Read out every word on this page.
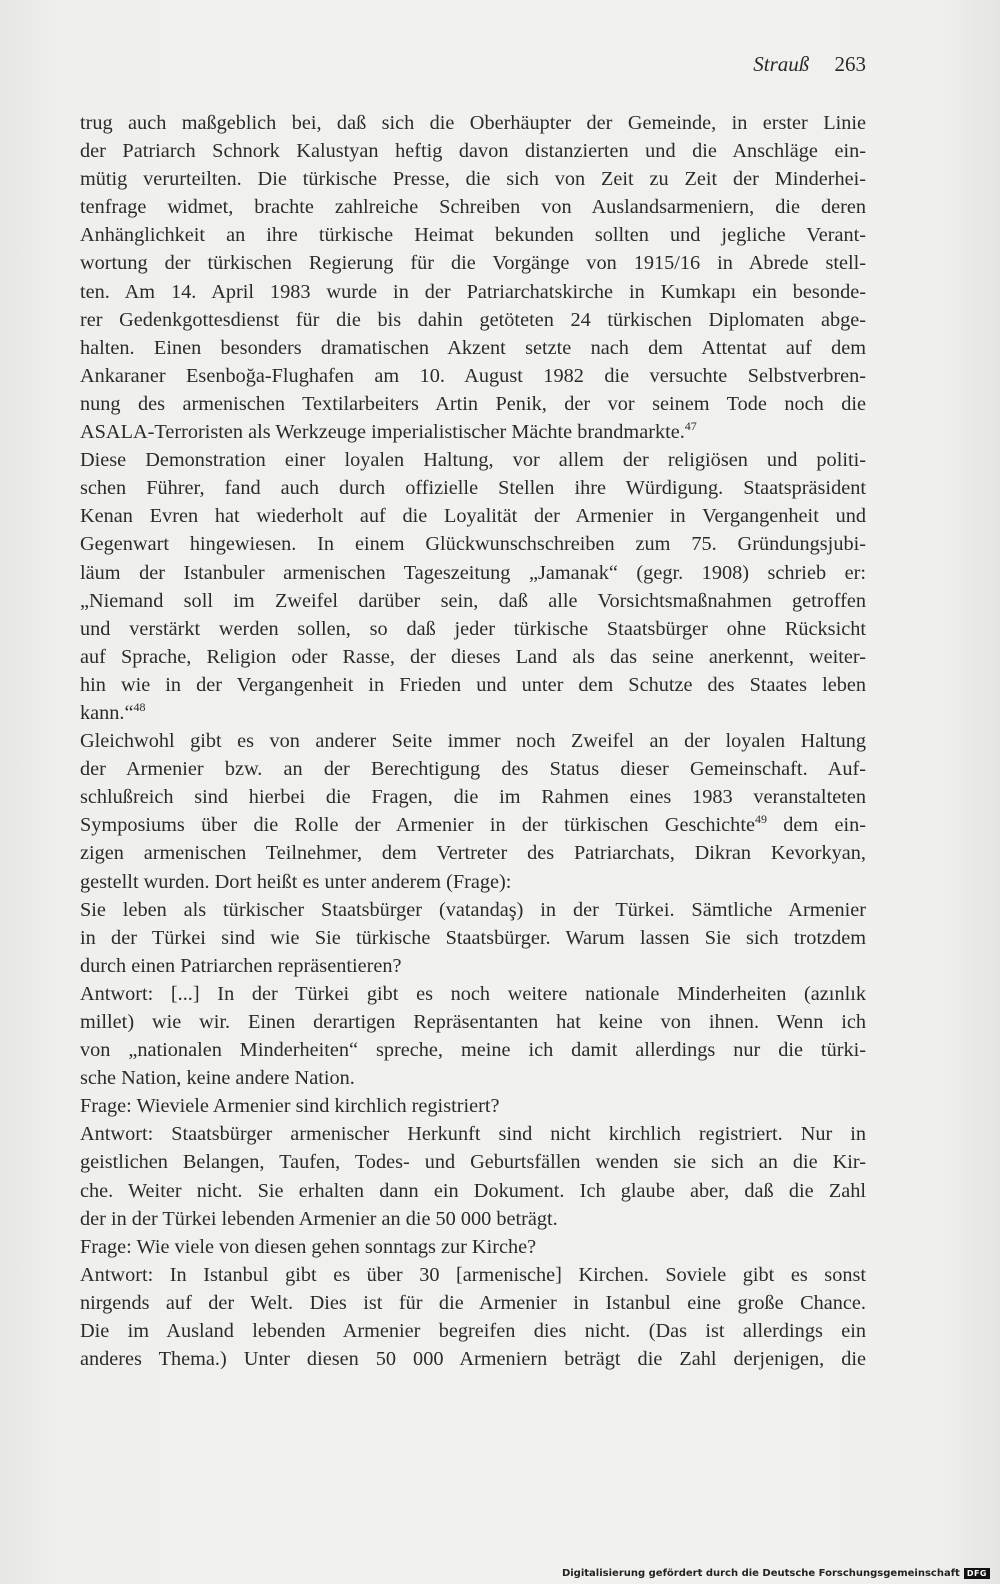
Strauß 263
trug auch maßgeblich bei, daß sich die Oberhäupter der Gemeinde, in erster Linie
der Patriarch Schnork Kalustyan heftig davon distanzierten und die Anschläge ein-
mütig verurteilten. Die türkische Presse, die sich von Zeit zu Zeit der Minderhei-
tenfrage widmet, brachte zahlreiche Schreiben von Auslandsarmeniern, die deren
Anhänglichkeit an ihre türkische Heimat bekunden sollten und jegliche Verant-
wortung der türkischen Regierung für die Vorgänge von 1915/16 in Abrede stell-
ten. Am 14. April 1983 wurde in der Patriarchatskirche in Kumkapı ein besonde-
rer Gedenkgottesdienst für die bis dahin getöteten 24 türkischen Diplomaten abge-
halten. Einen besonders dramatischen Akzent setzte nach dem Attentat auf dem
Ankaraner Esenboğa-Flughafen am 10. August 1982 die versuchte Selbstverbren-
nung des armenischen Textilarbeiters Artin Penik, der vor seinem Tode noch die
ASALA-Terroristen als Werkzeuge imperialistischer Mächte brandmarkte.$^{47}$
Diese Demonstration einer loyalen Haltung, vor allem der religiösen und politi-
schen Führer, fand auch durch offizielle Stellen ihre Würdigung. Staatspräsident
Kenan Evren hat wiederholt auf die Loyalität der Armenier in Vergangenheit und
Gegenwart hingewiesen. In einem Glückwunschschreiben zum 75. Gründungsjubi-
läum der Istanbuler armenischen Tageszeitung „Jamanak“ (gegr. 1908) schrieb er:
„Niemand soll im Zweifel darüber sein, daß alle Vorsichtsmaßnahmen getroffen
und verstärkt werden sollen, so daß jeder türkische Staatsbürger ohne Rücksicht
auf Sprache, Religion oder Rasse, der dieses Land als das seine anerkennt, weiter-
hin wie in der Vergangenheit in Frieden und unter dem Schutze des Staates leben
kann.“$^{48}$
Gleichwohl gibt es von anderer Seite immer noch Zweifel an der loyalen Haltung
der Armenier bzw. an der Berechtigung des Status dieser Gemeinschaft. Auf-
schlußreich sind hierbei die Fragen, die im Rahmen eines 1983 veranstalteten
Symposiums über die Rolle der Armenier in der türkischen Geschichte$^{49}$ dem ein-
zigen armenischen Teilnehmer, dem Vertreter des Patriarchats, Dikran Kevorkyan,
gestellt wurden. Dort heißt es unter anderem (Frage):
Sie leben als türkischer Staatsbürger (vatandaş) in der Türkei. Sämtliche Armenier
in der Türkei sind wie Sie türkische Staatsbürger. Warum lassen Sie sich trotzdem
durch einen Patriarchen repräsentieren?
Antwort: [...] In der Türkei gibt es noch weitere nationale Minderheiten (azınlık
millet) wie wir. Einen derartigen Repräsentanten hat keine von ihnen. Wenn ich
von „nationalen Minderheiten“ spreche, meine ich damit allerdings nur die türki-
sche Nation, keine andere Nation.
Frage: Wieviele Armenier sind kirchlich registriert?
Antwort: Staatsbürger armenischer Herkunft sind nicht kirchlich registriert. Nur in
geistlichen Belangen, Taufen, Todes- und Geburtsfällen wenden sie sich an die Kir-
che. Weiter nicht. Sie erhalten dann ein Dokument. Ich glaube aber, daß die Zahl
der in der Türkei lebenden Armenier an die 50 000 beträgt.
Frage: Wie viele von diesen gehen sonntags zur Kirche?
Antwort: In Istanbul gibt es über 30 [armenische] Kirchen. Soviele gibt es sonst
nirgends auf der Welt. Dies ist für die Armenier in Istanbul eine große Chance.
Die im Ausland lebenden Armenier begreifen dies nicht. (Das ist allerdings ein
anderes Thema.) Unter diesen 50 000 Armeniern beträgt die Zahl derjenigen, die
Digitalisierung gefördert durch die Deutsche Forschungsgemeinschaft DFG
